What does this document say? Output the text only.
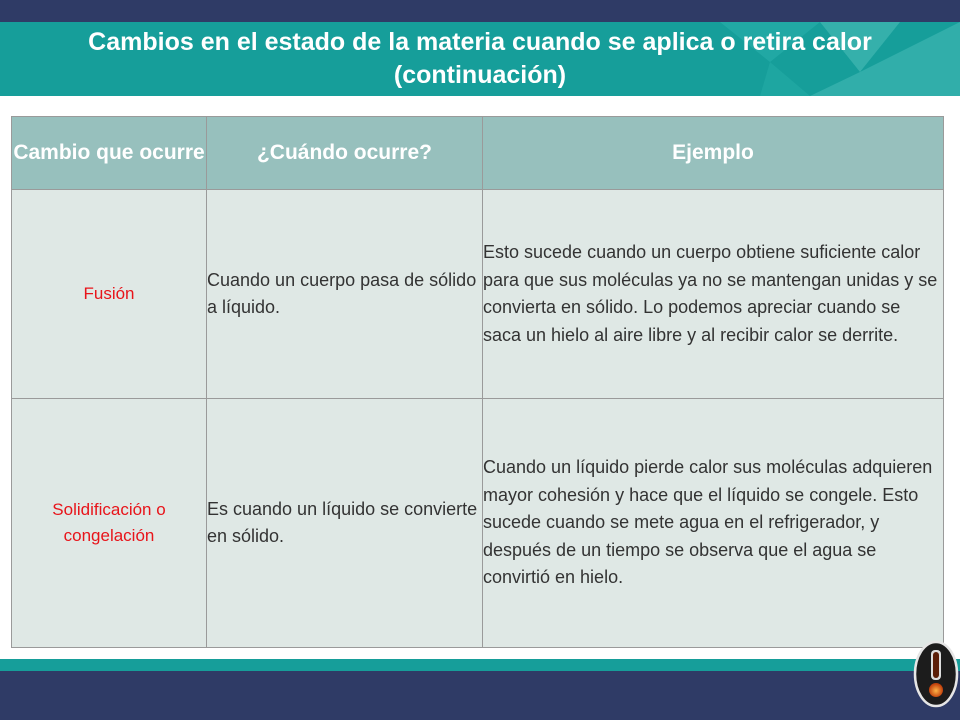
Cambios en el estado de la materia cuando se aplica o retira calor
(continuación)
Cambio que ocurre	¿Cuándo ocurre?	Ejemplo
Fusión	Cuando un cuerpo pasa de sólido a líquido.	Esto sucede cuando un cuerpo obtiene suficiente calor para que sus moléculas ya no se mantengan unidas y se convierta en sólido. Lo podemos apreciar cuando se saca un hielo al aire libre y al recibir calor se derrite.
Solidificación o congelación	Es cuando un líquido se convierte en sólido.	Cuando un líquido pierde calor sus moléculas adquieren mayor cohesión y hace que el líquido se congele. Esto sucede cuando se mete agua en el refrigerador, y después de un tiempo se observa que el agua se convirtió en hielo.
